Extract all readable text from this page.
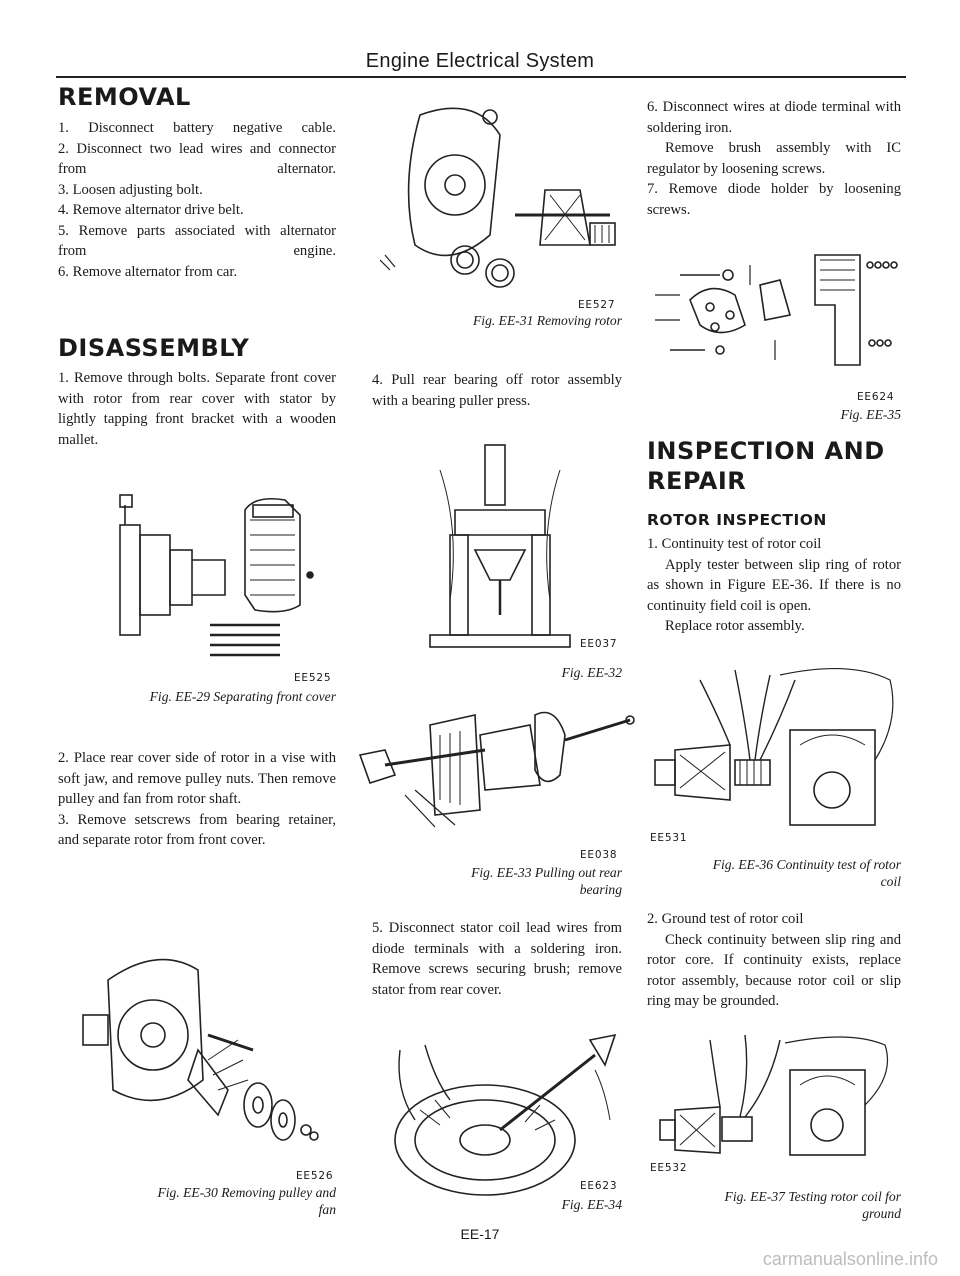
Engine Electrical System
REMOVAL

1. Disconnect battery negative cable.

2. Disconnect two lead wires and connector from alternator.

3. Loosen adjusting bolt.

4. Remove alternator drive belt.

5. Remove parts associated with alternator from engine.

6. Remove alternator from car.

DISASSEMBLY

1. Remove through bolts. Separate front cover with rotor from rear cover with stator by lightly tapping front bracket with a wooden mallet.

EE525
Fig. EE-29 Separating front cover

2. Place rear cover side of rotor in a vise with soft jaw, and remove pulley nuts. Then remove pulley and fan from rotor shaft.

3. Remove setscrews from bearing retainer, and separate rotor from front cover.

EE526
Fig. EE-30 Removing pulley and
fan
EE527
Fig. EE-31 Removing rotor

4. Pull rear bearing off rotor assembly with a bearing puller press.

EE037
Fig. EE-32
EE038
Fig. EE-33 Pulling out rear
bearing

5. Disconnect stator coil lead wires from diode terminals with a soldering iron. Remove screws securing brush; remove stator from rear cover.

EE623
Fig. EE-34

6. Disconnect wires at diode terminal with soldering iron.

Remove brush assembly with IC regulator by loosening screws.

7. Remove diode holder by loosening screws.

EE624
Fig. EE-35
INSPECTION AND
REPAIR
ROTOR INSPECTION

1. Continuity test of rotor coil

Apply tester between slip ring of rotor as shown in Figure EE-36. If there is no continuity field coil is open.

Replace rotor assembly.

EE531
Fig. EE-36 Continuity test of rotor
coil

2. Ground test of rotor coil

Check continuity between slip ring and rotor core. If continuity exists, replace rotor assembly, because rotor coil or slip ring may be grounded.

EE532
Fig. EE-37 Testing rotor coil for
ground
EE-17
carmanualsonline.info
